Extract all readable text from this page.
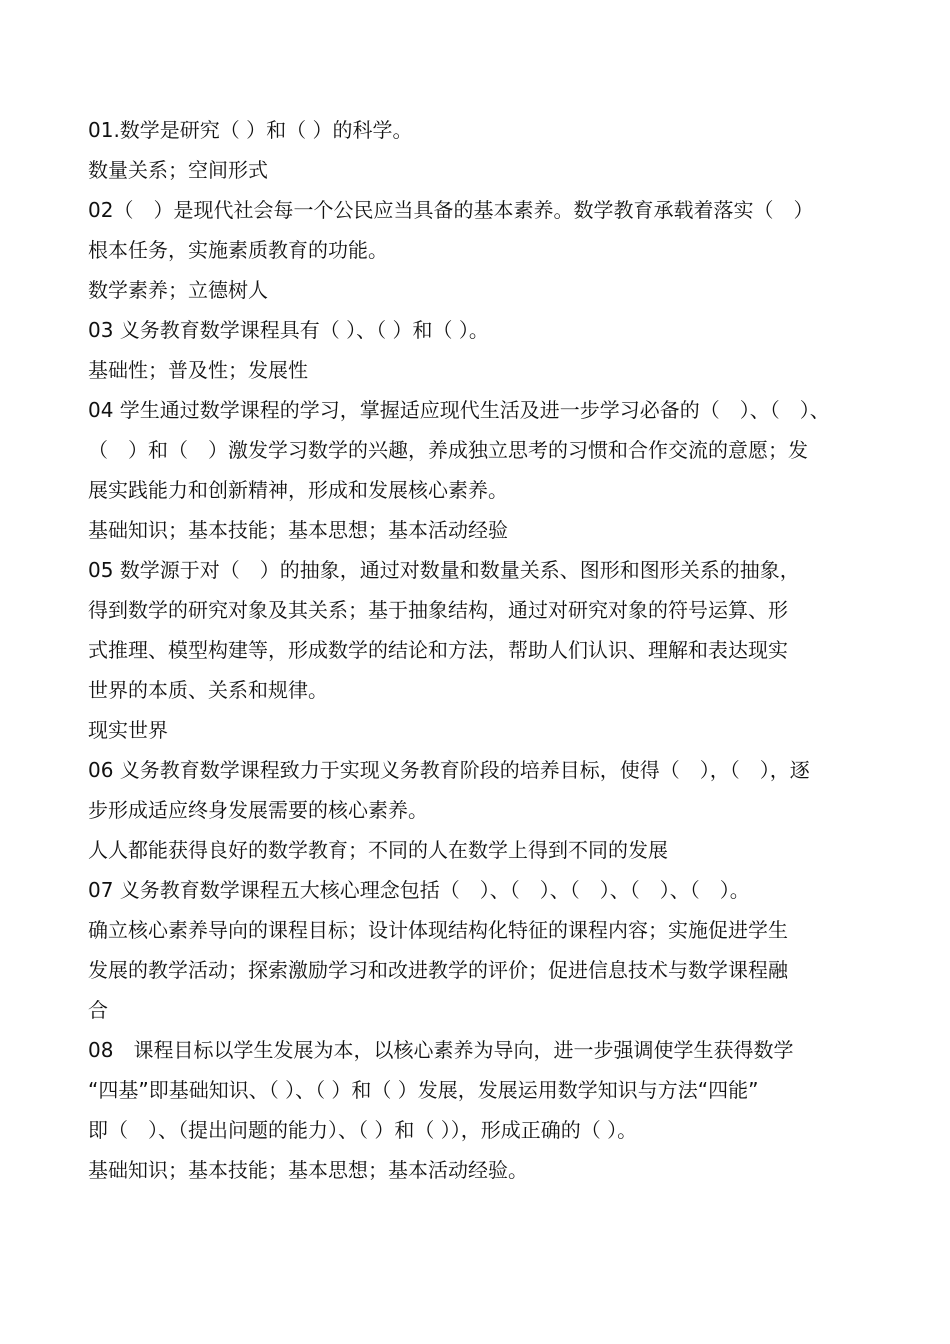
01.数学是研究（ ）和（ ）的科学。
数量关系；空间形式
02（　）是现代社会每一个公民应当具备的基本素养。数学教育承载着落实（　）
根本任务，实施素质教育的功能。
数学素养；立德树人
03 义务教育数学课程具有（ ）、（ ）和（ ）。
基础性；普及性；发展性
04 学生通过数学课程的学习，掌握适应现代生活及进一步学习必备的（　）、（　）、
（　）和（　）激发学习数学的兴趣，养成独立思考的习惯和合作交流的意愿；发
展实践能力和创新精神，形成和发展核心素养。
基础知识；基本技能；基本思想；基本活动经验
05 数学源于对（　）的抽象，通过对数量和数量关系、图形和图形关系的抽象，
得到数学的研究对象及其关系；基于抽象结构，通过对研究对象的符号运算、形
式推理、模型构建等，形成数学的结论和方法，帮助人们认识、理解和表达现实
世界的本质、关系和规律。
现实世界
06 义务教育数学课程致力于实现义务教育阶段的培养目标，使得（　），（　），逐
步形成适应终身发展需要的核心素养。
人人都能获得良好的数学教育；不同的人在数学上得到不同的发展
07 义务教育数学课程五大核心理念包括（　）、（　）、（　）、（　）、（　）。
确立核心素养导向的课程目标；设计体现结构化特征的课程内容；实施促进学生
发展的教学活动；探索激励学习和改进教学的评价；促进信息技术与数学课程融
合
08　课程目标以学生发展为本，以核心素养为导向，进一步强调使学生获得数学
“四基”即基础知识、（ ）、（ ）和（ ）发展，发展运用数学知识与方法“四能”
即（　）、（提出问题的能力）、（ ）和（ ）），形成正确的（ ）。
基础知识；基本技能；基本思想；基本活动经验。
